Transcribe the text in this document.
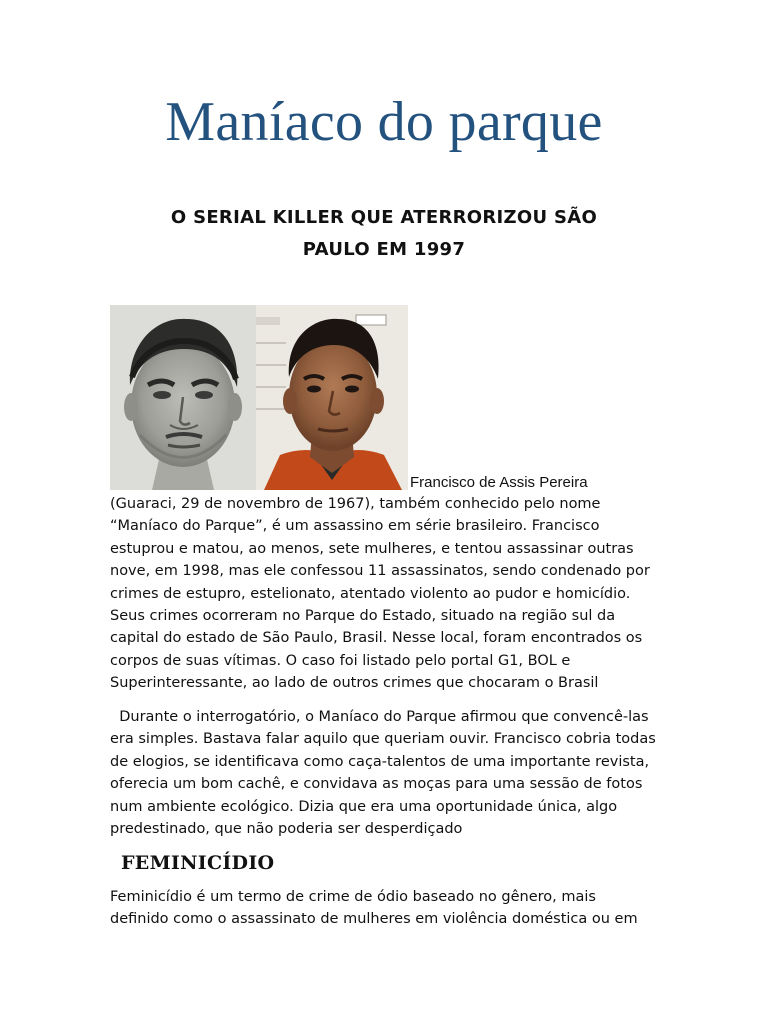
Maníaco do parque
O SERIAL KILLER QUE ATERRORIZOU SÃO
PAULO EM 1997
Francisco de Assis Pereira
(Guaraci, 29 de novembro de 1967), também conhecido pelo nome
“Maníaco do Parque”, é um assassino em série brasileiro. Francisco
estuprou e matou, ao menos, sete mulheres, e tentou assassinar outras
nove, em 1998, mas ele confessou 11 assassinatos, sendo condenado por
crimes de estupro, estelionato, atentado violento ao pudor e homicídio.
Seus crimes ocorreram no Parque do Estado, situado na região sul da
capital do estado de São Paulo, Brasil. Nesse local, foram encontrados os
corpos de suas vítimas. O caso foi listado pelo portal G1, BOL e
Superinteressante, ao lado de outros crimes que chocaram o Brasil
Durante o interrogatório, o Maníaco do Parque afirmou que convencê-las
era simples. Bastava falar aquilo que queriam ouvir. Francisco cobria todas
de elogios, se identificava como caça-talentos de uma importante revista,
oferecia um bom cachê, e convidava as moças para uma sessão de fotos
num ambiente ecológico. Dizia que era uma oportunidade única, algo
predestinado, que não poderia ser desperdiçado
FEMINICÍDIO
Feminicídio é um termo de crime de ódio baseado no gênero, mais
definido como o assassinato de mulheres em violência doméstica ou em
